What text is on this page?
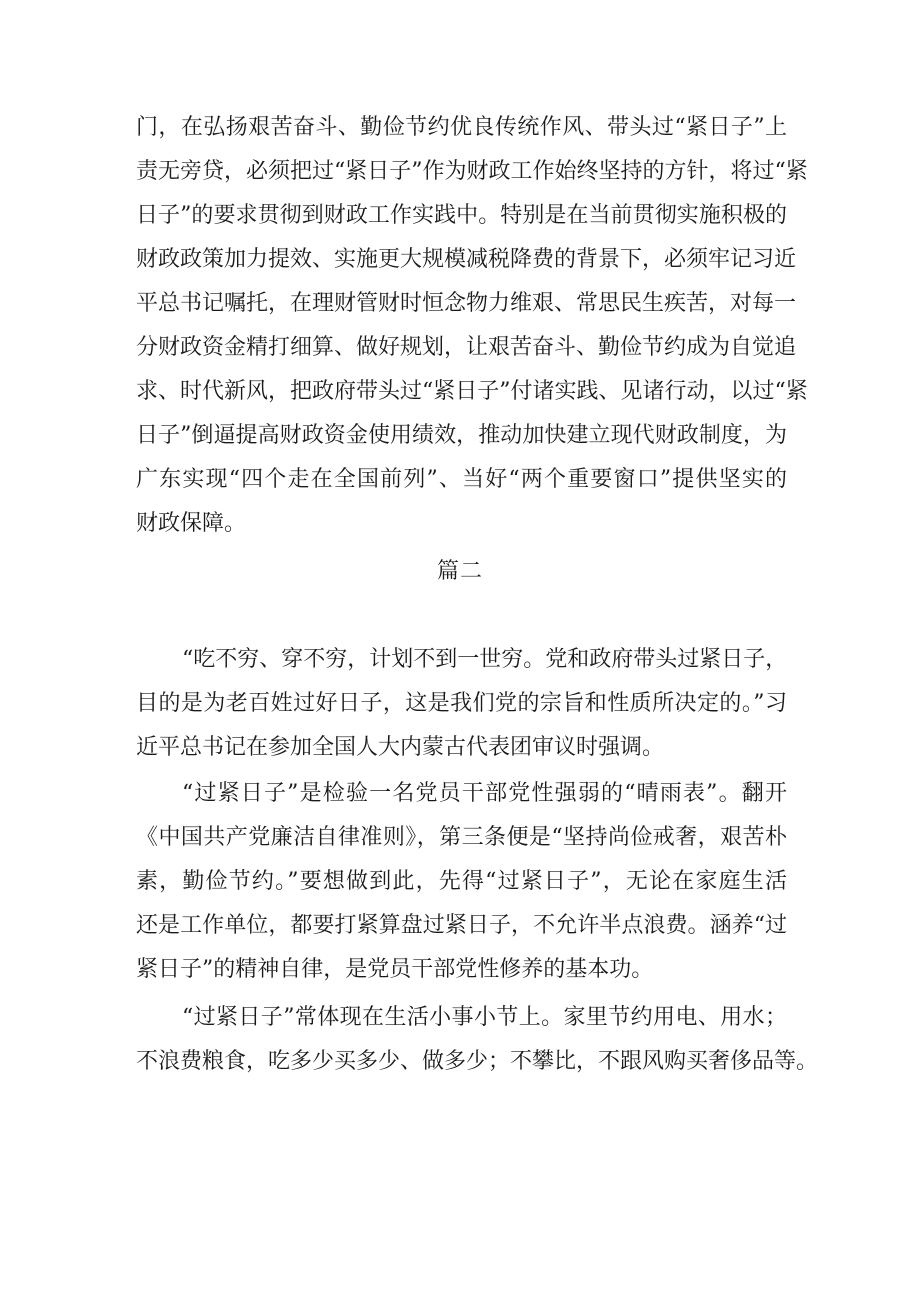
门，在弘扬艰苦奋斗、勤俭节约优良传统作风、带头过“紧日子”上
责无旁贷，必须把过“紧日子”作为财政工作始终坚持的方针，将过“紧
日子”的要求贯彻到财政工作实践中。特别是在当前贯彻实施积极的
财政政策加力提效、实施更大规模减税降费的背景下，必须牢记习近
平总书记嘱托，在理财管财时恒念物力维艰、常思民生疾苦，对每一
分财政资金精打细算、做好规划，让艰苦奋斗、勤俭节约成为自觉追
求、时代新风，把政府带头过“紧日子”付诸实践、见诸行动，以过“紧
日子”倒逼提高财政资金使用绩效，推动加快建立现代财政制度，为
广东实现“四个走在全国前列”、当好“两个重要窗口”提供坚实的
财政保障。
篇二
“吃不穷、穿不穷，计划不到一世穷。党和政府带头过紧日子，
目的是为老百姓过好日子，这是我们党的宗旨和性质所决定的。”习
近平总书记在参加全国人大内蒙古代表团审议时强调。
“过紧日子”是检验一名党员干部党性强弱的“晴雨表”。翻开
《中国共产党廉洁自律准则》，第三条便是“坚持尚俭戒奢，艰苦朴
素，勤俭节约。”要想做到此，先得“过紧日子”，无论在家庭生活
还是工作单位，都要打紧算盘过紧日子，不允许半点浪费。涵养“过
紧日子”的精神自律，是党员干部党性修养的基本功。
“过紧日子”常体现在生活小事小节上。家里节约用电、用水；
不浪费粮食，吃多少买多少、做多少；不攀比，不跟风购买奢侈品等。
